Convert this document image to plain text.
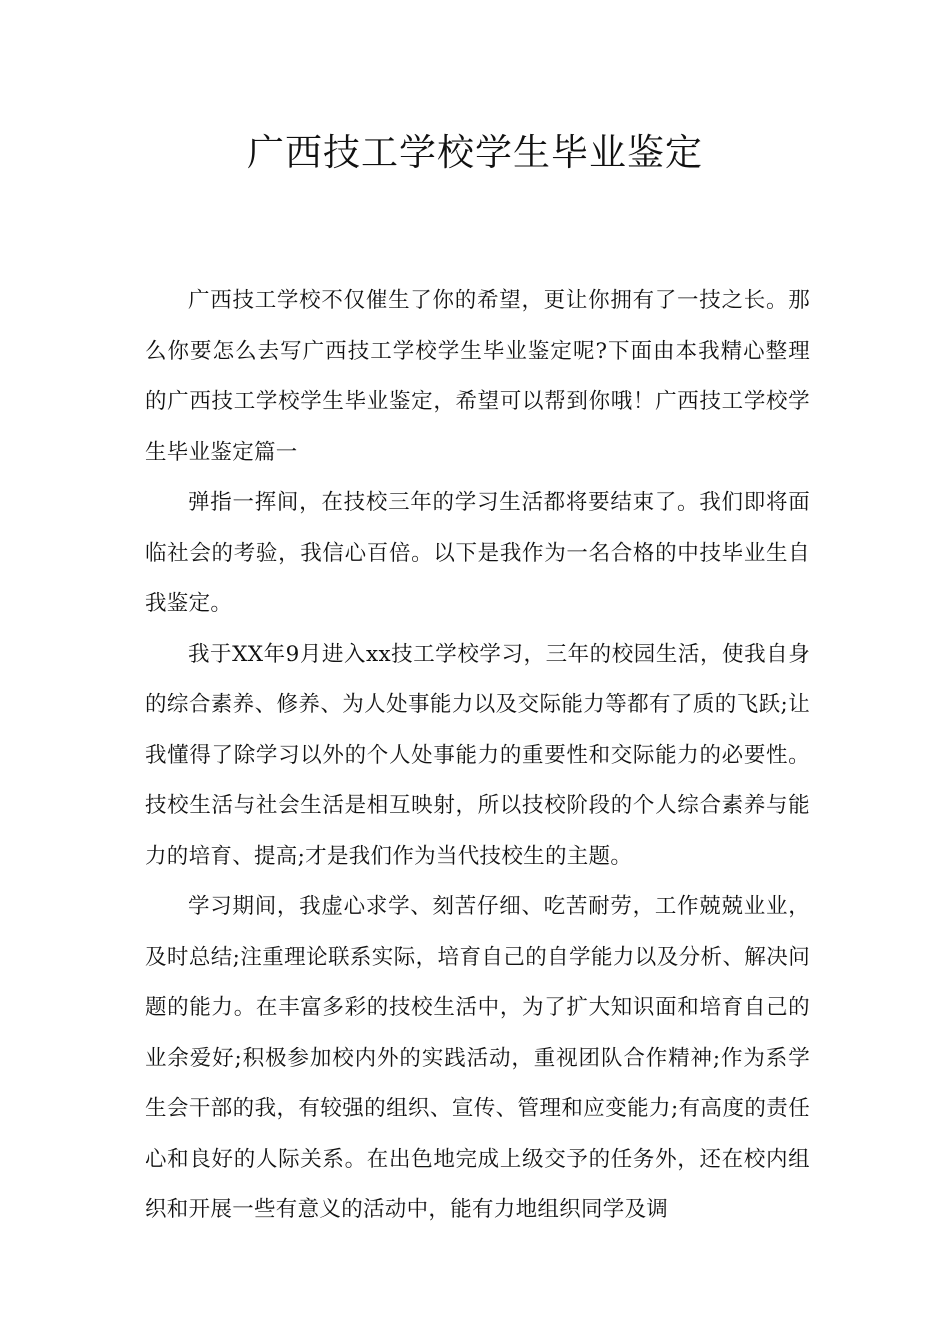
广西技工学校学生毕业鉴定

广西技工学校不仅催生了你的希望，更让你拥有了一技之长。那么你要怎么去写广西技工学校学生毕业鉴定呢?下面由本我精心整理的广西技工学校学生毕业鉴定，希望可以帮到你哦！广西技工学校学生毕业鉴定篇一

弹指一挥间，在技校三年的学习生活都将要结束了。我们即将面临社会的考验，我信心百倍。以下是我作为一名合格的中技毕业生自我鉴定。

我于XX年9月进入xx技工学校学习，三年的校园生活，使我自身的综合素养、修养、为人处事能力以及交际能力等都有了质的飞跃;让我懂得了除学习以外的个人处事能力的重要性和交际能力的必要性。技校生活与社会生活是相互映射，所以技校阶段的个人综合素养与能力的培育、提高;才是我们作为当代技校生的主题。

学习期间，我虚心求学、刻苦仔细、吃苦耐劳，工作兢兢业业，及时总结;注重理论联系实际，培育自己的自学能力以及分析、解决问题的能力。在丰富多彩的技校生活中，为了扩大知识面和培育自己的业余爱好;积极参加校内外的实践活动，重视团队合作精神;作为系学生会干部的我，有较强的组织、宣传、管理和应变能力;有高度的责任心和良好的人际关系。在出色地完成上级交予的任务外，还在校内组织和开展一些有意义的活动中，能有力地组织同学及调
